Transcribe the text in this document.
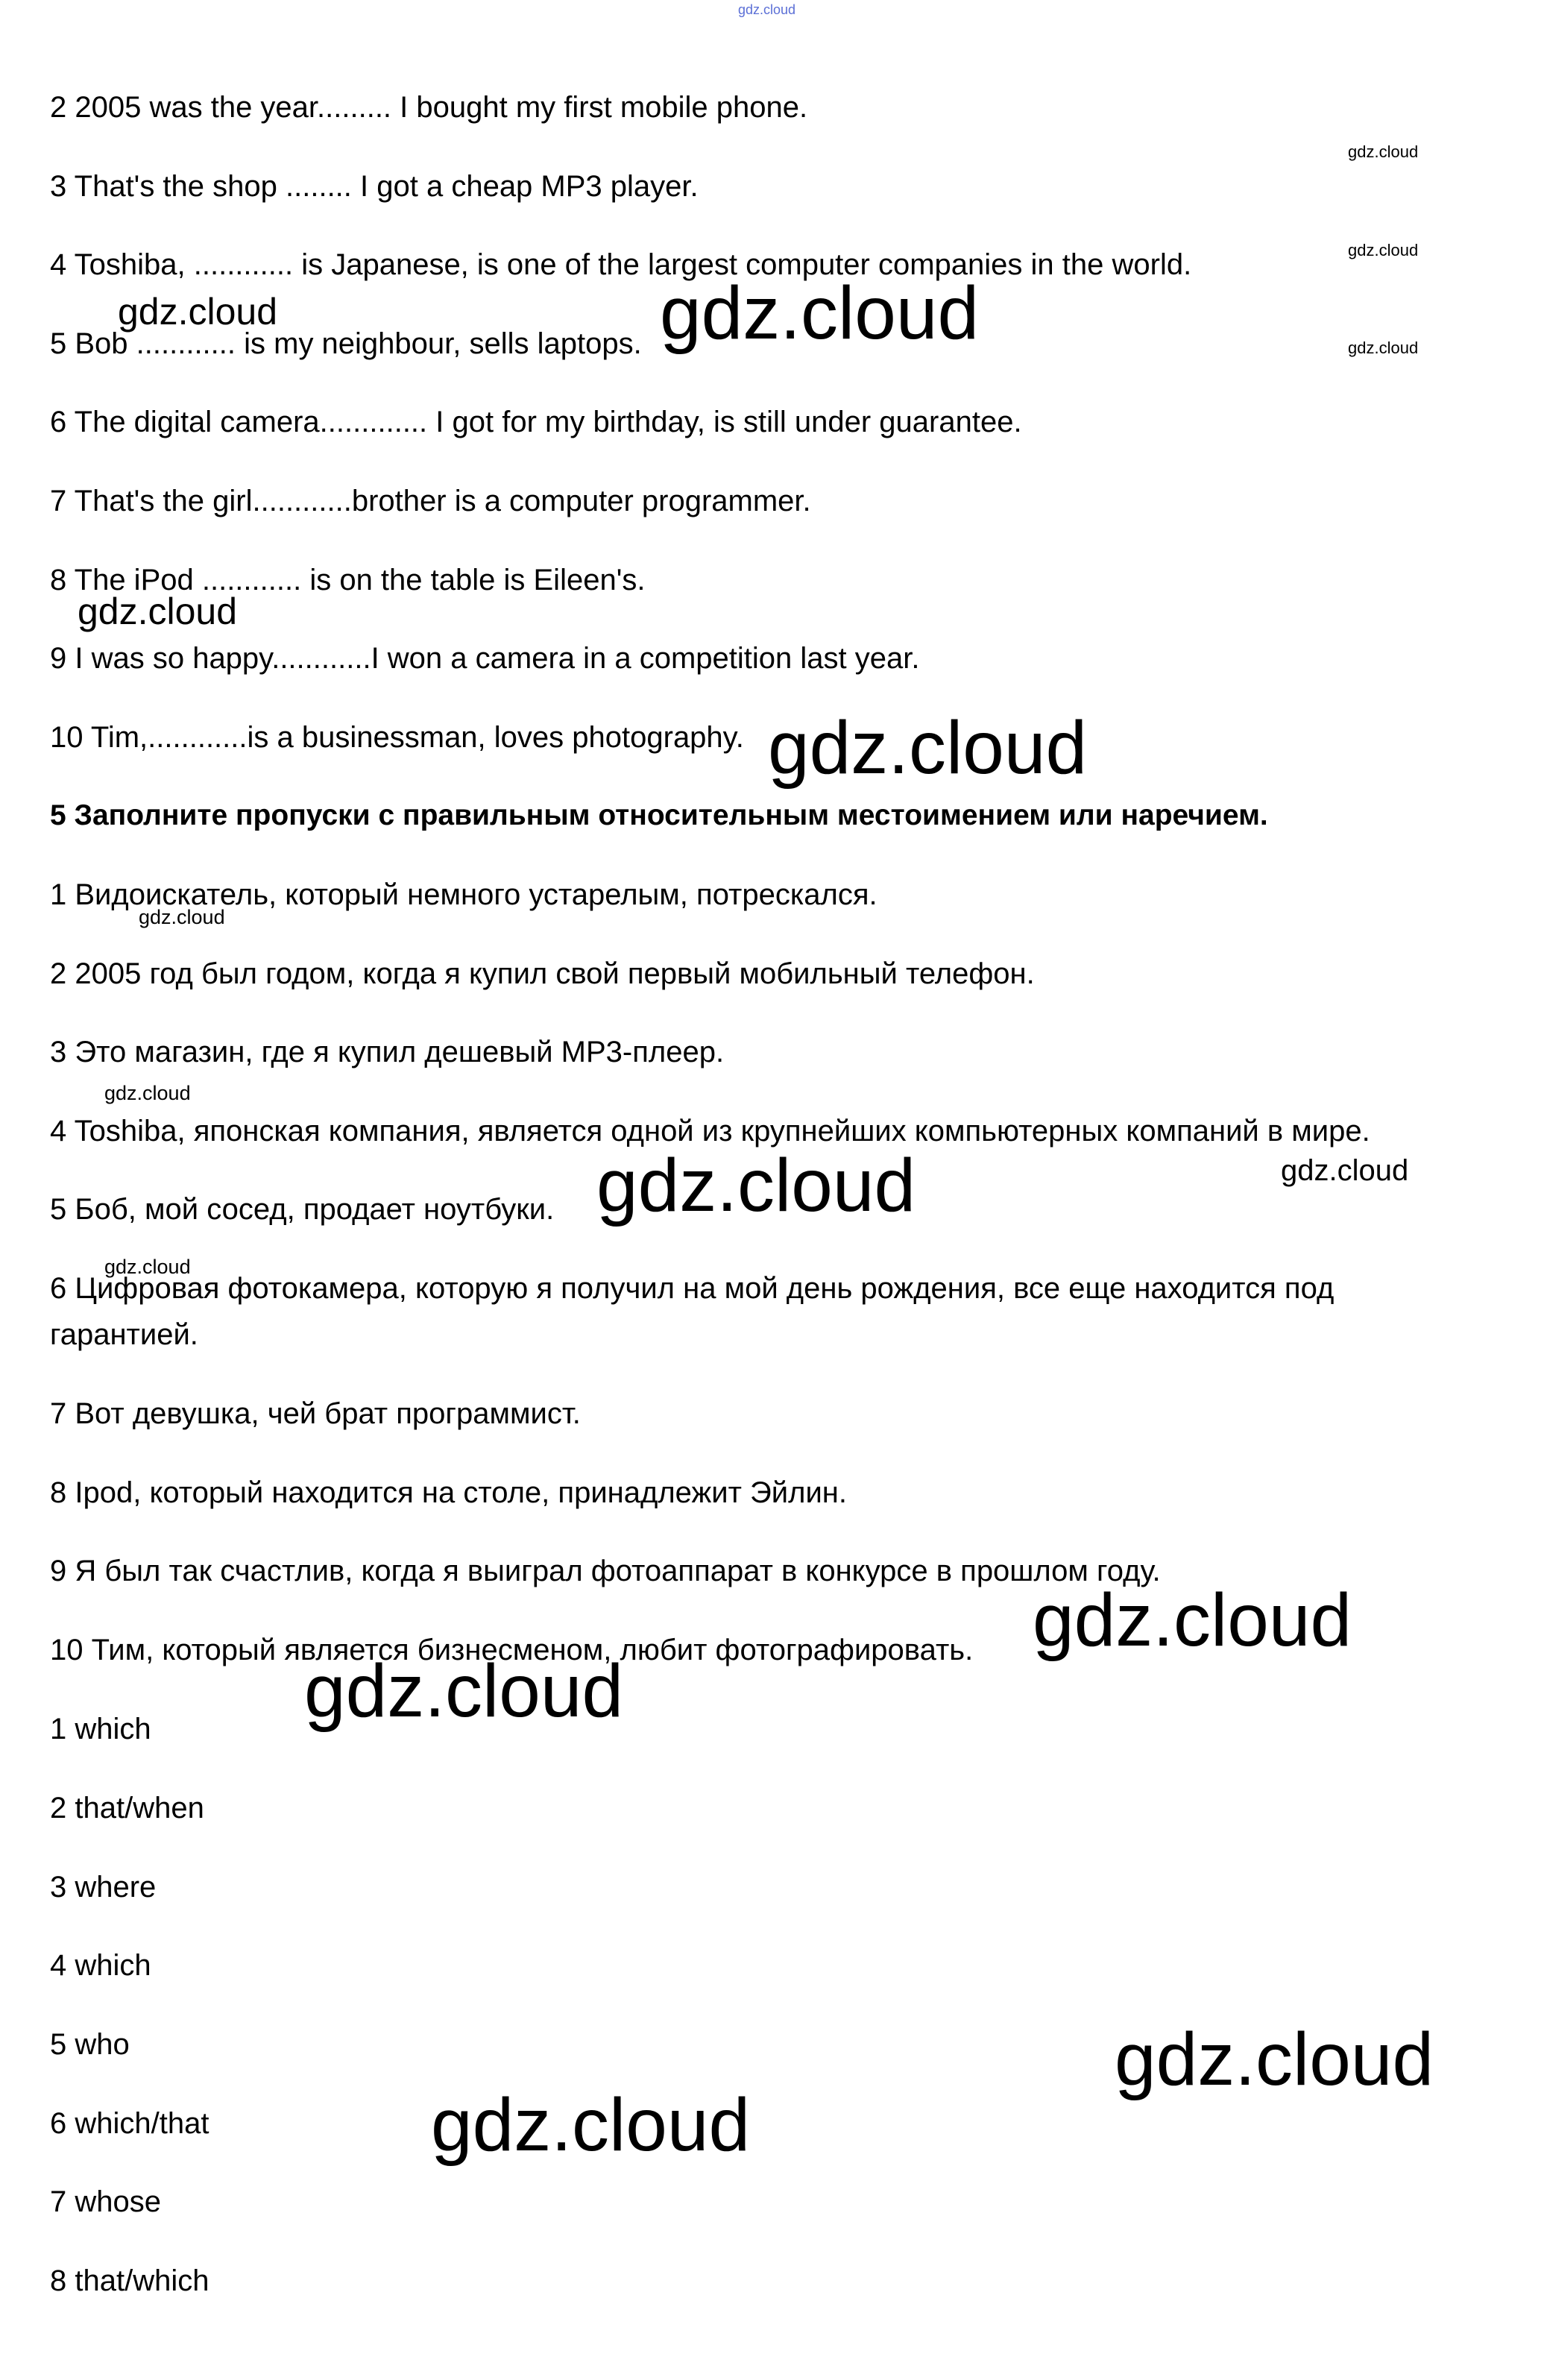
gdz.cloud
2 2005 was the year......... I bought my first mobile phone.
3 That's the shop ........ I got a cheap MP3 player.
4 Toshiba, ............ is Japanese, is one of the largest computer companies in the world.
5 Bob ............ is my neighbour, sells laptops.
6 The digital camera............. I got for my birthday, is still under guarantee.
7 That's the girl............brother is a computer programmer.
8 The iPod ............ is on the table is Eileen's.
9 I was so happy............I won a camera in a competition last year.
10 Tim,............is a businessman, loves photography.
5 Заполните пропуски с правильным относительным местоимением или наречием.
1 Видоискатель, который немного устарелым, потрескался.
2 2005 год был годом, когда я купил свой первый мобильный телефон.
3 Это магазин, где я купил дешевый MP3-плеер.
4 Toshiba, японская компания, является одной из крупнейших компьютерных компаний в мире.
5 Боб, мой сосед, продает ноутбуки.
6 Цифровая фотокамера, которую я получил на мой день рождения, все еще находится под гарантией.
7 Вот девушка, чей брат программист.
8 Ipod, который находится на столе, принадлежит Эйлин.
9 Я был так счастлив, когда я выиграл фотоаппарат в конкурсе в прошлом году.
10 Тим, который является бизнесменом, любит фотографировать.
1 which
2 that/when
3 where
4 which
5 who
6 which/that
7 whose
8 that/which
gdz.cloud
gdz.cloud
gdz.cloud
gdz.cloud	gdz.cloud
gdz.cloud
gdz.cloud
gdz.cloud
gdz.cloud
gdz.cloud
gdz.cloud
gdz.cloud
gdz.cloud
gdz.cloud
gdz.cloud
gdz.cloud
